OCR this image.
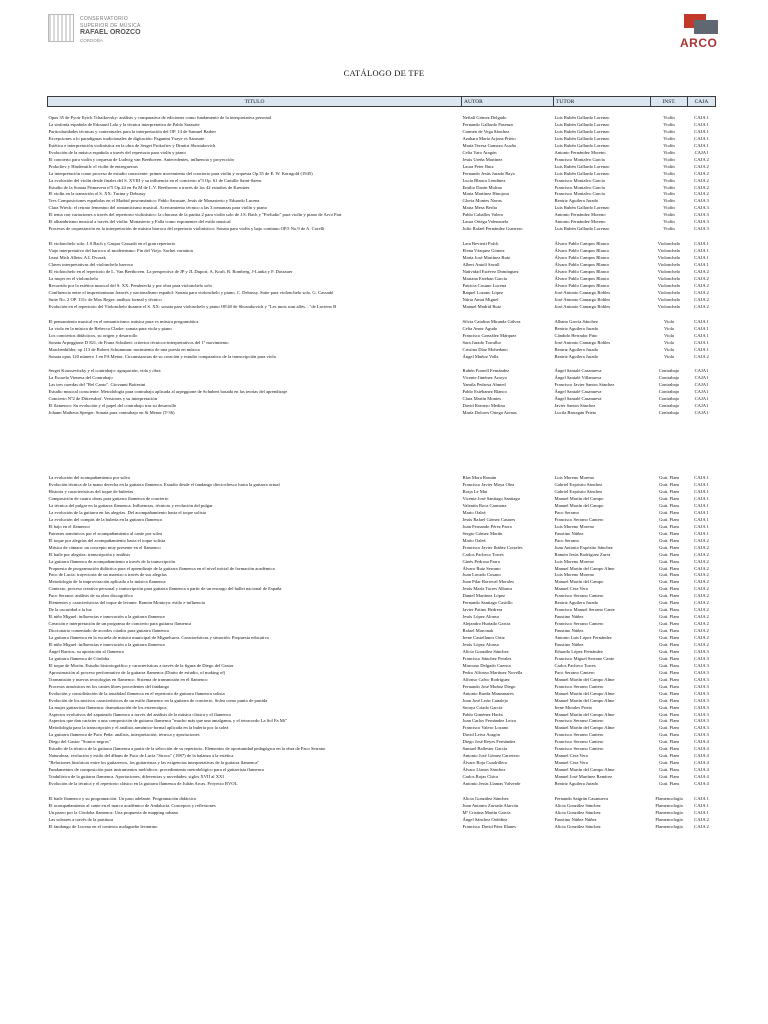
CONSERVATORIO
SUPERIOR DE MÚSICA
RAFAEL OROZCO
CÓRDOBA	ARCO
CATÁLOGO DE TFE
TITULO	AUTOR	TUTOR	INST.	CAJA

Opus 35 de Pyotr Ilyich Tchaikovsky: análisis y comparativa de ediciones como fundamento de la interpretativa personal	Neftalí Gómez Delgado	Luis Rubén Gallardo Lorenzo	Violín	CAJA 1
La sinfonía española de Edouard Lalo y la técnica interpretativa de Pablo Sarasate	Fernando Gallardo Pasenzo	Luis Rubén Gallardo Lorenzo	Violín	CAJA 1
Particularidades técnicas y contextuales para la interpretación del OP. 14 de Samuel Barber	Carmen de Vega Sánchez	Luis Rubén Gallardo Lorenzo	Violín	CAJA 1
Excepciones a lo paradigmas tradicionales de digitación: Paganini Ysaye vs Sarasate	Azahara María Arjona Prieto	Luis Rubén Gallardo Lorenzo	Violín	CAJA 1
Estética e interpretación violinística en la obra de Sergei Prokofiev y Dimitri Shostakovich	María Teresa Gamazo Acuña	Luis Rubén Gallardo Lorenzo	Violín	CAJA 1
Evolución de la música española a través del repertorio para violín y piano	Celia Varo Aragón	Antonio Fernández Moreno	Violín	CAJA1
El concierto para violín y orquesta de Ludwig van Beethoven. Antecedentes, influencia y proyección	Jesús Ureña Martínez	Francisco Montalvo García	Violín	CAJA 2
Prokofiev y Hindemith: el violín de entreguerras	Laura Peter Ruiz	Luis Rubén Gallardo Lorenzo	Violín	CAJA 2
La interpretación como proceso de estudio consciente: primer movimiento del concierto para violín y orquesta Op.35 de E. W. Korngold (1945)	Fernando Jesús Jurado Rayo	Luis Rubén Gallardo Lorenzo	Violín	CAJA 2
La evolución del violín desde finales del S. XVIII y su influencia en el concierto nº3 Op. 61 de Camille Saint-Saens	Lucía Blanco Lendínez	Francisco Montalvo García	Violín	CAJA 2
Estudio de la Sonata Primavera nº5 Op.24 en Fa M de L.V. Beethoven a través de los 42 estudios de Kreutzer	Emilio Darán Molina	Francisco Montalvo García	Violín	CAJA 2
El violín en la transición al S. XX: Turina y Debussy	Marta Martínez Hinojosa	Francisco Montalvo García	Violín	CAJA 2
Tres Composiciones españolas en el Madrid posromántico: Pablo Sarasate, Jesús de Monasterio y Eduardo Lucena	Gloria Montes Navas	Beatriz Aguilera Jurado	Violín	CAJA 3
Clara Wieck: el retrato femenino del romanticismo musical. Acercamiento técnico a las 3 romanzas para violín y piano	Marta Mesa Berlia	Luis Rubén Gallardo Lorenzo	Violín	CAJA 3
El tema con variaciones a través del repertorio violinístico: la chacona de la partita 2 para violín solo de J.S. Bach y "Preludio" para violín y piano de Arvo Part	Pablo Caballos Valero	Antonio Fernández Moreno	Violín	CAJA 3
El alhambrismo musical a través del violín: Monasterio y Falla como exponentes del estilo musical	Laura Ortega Valenzuela	Antonio Fernández Moreno	Violín	CAJA 3
Procesos de orquestación en la interpretación de música barroca del repertorio violinístico: Sonata para violín y bajo continuo OP.5 No.9 de A. Corelli	Julio Rafael Fernández Guerrero	Luis Rubén Gallardo Lorenzo	Violín	CAJA 3

El violonchelo solo: J.S Bach y Gaspar Cassadó en el gran repertorio	Lara Beviertí Polch	Álvaro Pablo Campos Blanco	Violonchelo	CAJA 1
Viaje interpretativo del barroco al modernismo: Fin del Viejo. Sachet variation	Elena Vázquez Gómez	Álvaro Pablo Campos Blanco	Violonchelo	CAJA 1
Least Mich Allein. A.L Dvorak	María José Martínez Ruiz	Álvaro Pablo Campos Blanco	Violonchelo	CAJA 1
Claves interpretativas del violonchelo barroco	Albert Antolí Savall	Álvaro Pablo Campos Blanco	Violonchelo	CAJA 1
El violonchelo en el repertorio de L. Van Beethoven. La perspectiva de JP y JL Duport, A. Kraft, B. Romberg, J-Lanka y F. Dotzauer	Natividad Estévez Domínguez	Álvaro Pablo Campos Blanco	Violonchelo	CAJA 2
La mujer en el violonchelo	Mariana Esteban García	Álvaro Pablo Campos Blanco	Violonchelo	CAJA 2
Recorrido por la estética musical del S. XX: Penderecki y por obra para violonchelo solo	Patricia Cosano Lucena	Álvaro Pablo Campos Blanco	Violonchelo	CAJA 2
Confluencia entre el impresionismo francés y nacionalismo español: Sonata para violonchelo y piano, C. Debussy. Suite para violonchelo solo, G. Cassadó	Raquel Lozano López	José Antonio Camargo Robles	Violonchelo	CAJA 2
Suite No. 2 OP. 131c de Max Reger: análisis formal y técnico	Núria Amat Miguel	José Antonio Camargo Robles	Violonchelo	CAJA 2
Evolución en el repertorio del Violonchelo durante el S. XX: sonata para violonchelo y piano OP.40 de Shostakovich y "Les mots sont allés…"de Lucieno B	Manuel Madrid Ruiz	José Antonio Camargo Robles	Violonchelo	CAJA 2

El pensamiento musical en el romanticismo: música pura vs música programática	Silvia Catalina Miranda Gálvez	Albano García Sánchez	Viola	CAJA 1
La viola en la música de Rebecca Clarke: sonata para viola y piano	Celia Amor Agudo	Beatriz Aguilera Jurado	Viola	CAJA 1
Los conciertos didácticos, su origen y desarrollo	Francisco González Márquez	Cándido Herrador Pino	Viola	CAJA 1
Sonata Arpeggione D 821, de Franz Schubert: criterios técnicos-interpretativos del 1º movimiento	Sara Jurado Torralbo	José Antonio Camargo Robles	Viola	CAJA 1
Marchenbilder, op 113 de Robert Schumman: nacimiento de una poesía en música	Cristina Díaz Mohedano	Beatriz Aguilera Jurado	Viola	CAJA 1
Sonata opus 120 número 1 en FA Menor. Circunstancias de su creación y estudio comparativo de la transcripción para viola	Ángel Muñoz Valla	Beatriz Aguilera Jurado	Viola	CAJA 2

Sergei Koussevitzky y el contrabajo: agrupación, vida y obra	Rubén Fornell Fernández	Ángel Santalé Casanueva	Contrabajo	CAJA1
La Escuela Vienesa del Contrabajo	Vicente Jiménez Arroyo	Ángel Santalé Villanueva	Contrabajo	CAJA1
Las tres cuerdas del "Bel Canto". Giovanni Bottesini	Yamila Pedrosa Ahmed	Francisco Javier Santos Sánchez	Contrabajo	CAJA1
Estudio musical consciente. Metodología para contrabajo aplicada al arpeggione de Schubert basada en las teorías del aprendizaje	Pablo Estébanez Blanco	Ángel Santalé Casanueva	Contrabajo	CAJA1
Concierto Nº2 de Dittersdorf. Versiones y su interpretación	Clara Martín Montes	Ángel Santalé Casanueva	Contrabajo	CAJA1
El flamenco: Su evolución y el papel del contrabajo tras su desarrollo	David Romero Medina	Javier Santos Sánchez	Contrabajo	CAJA1
Johann Matheus Sperger. Sonata para contrabajo en Si Menor (T-36)	María Dolores Ortega Arenas	Lucila Barragán Prieto	Contrabajo	CAJA1

La evolución del acompañamiento por solea	Blas Mora Román	Luis Moreno Moreno	Guit. Flam	CAJA 1
Evolución técnica de la mano derecha en la guitarra flamenca. Estudio desde el fandango dieciochesco hasta la guitarra actual	Francisco Javier Moya Olea	Gabriel Expósito Sánchez	Guit. Flam	CAJA 1
Historia y características del toque de bulerías	Borja Le Mat	Gabriel Expósito Sánchez	Guit. Flam	CAJA 1
Composición de cuatro obras para guitarra flamenca de concierto	Vicente José Santiago Santiago	Manuel Martín del Campo	Guit. Flam	CAJA 1
La técnica del pulgar en la guitarra flamenca. Influencias, técnicas y evolución del pulgar	Valentín Roca Carmona	Manuel Martín del Campo	Guit. Flam	CAJA 1
La evolución de la guitarra en las alegrías. Del acompañamiento hasta el toque solista	Mario Oaleá	Paco Serrano	Guit. Flam	CAJA 1
La evolución del compás de la bulería en la guitarra flamenca	Jesús Rafael Gómez Casares	Francisco Serrano Cantero	Guit. Flam	CAJA 1
El bajo en el flamenco	Juan Fernando Pérez Parra	Luis Moreno Moreno	Guit. Flam	CAJA 1
Patrones armónicos por el acompañamiento al cante por solea	Sergio Gómez Martín	Faustino Núñez	Guit. Flam	CAJA 1
El toque por alegrías del acompañamiento hasta el toque solista	Mario Oaleá	Paco Serrano	Guit. Flam	CAJA 2
Música de cámara: un concepto muy presente en el flamenco	Francisco Javier Ibáñez Corrales	Juan Antonio Expósito Sánchez	Guit. Flam	CAJA 2
El baile por alegrías: transcripción y análisis	Carlos Pacheco Torres	Ramón Jesús Rodríguez Zurra	Guit. Flam	CAJA 2
La guitarra flamenca de acompañamiento a través de la transcripción	Ginés Pedrosa Parra	Luis Moreno Moreno	Guit. Flam	CAJA 2
Propuesta de programación didáctica para el aprendizaje de la guitarra flamenca en el nivel inicial de formación académica	Álvaro Ruiz Serrano	Manuel Martín del Campo Alme	Guit. Flam	CAJA 2
Paco de Lucía: trayectoria de un maestro a través de sus alegrías	Juan Lavado Cosano	Luis Moreno Moreno	Guit. Flam	CAJA 2
Metodología de la improvisación aplicada a la música flamenca	Juan Pilar Borrecal Morales	Manuel Martín del Campo	Guit. Flam	CAJA 2
Contexto, proceso creativo personal y transcripción para guitarra flamenca a partir de un encargo del ballet nacional de España	Jesús María Torres Albarra	Manuel Cera Vera	Guit. Flam	CAJA 2
Paco Serrano: análisis de su obra discográfica	Daniel Martínez López	Francisco Serrano Cantero	Guit. Flam	CAJA 2
Elementos y características del toque de levante. Ramón Montoya: estilo e influencia	Fernando Santiago Castillo	Beatriz Aguilera Jurado	Guit. Flam	CAJA 2
De la oscuridad a la luz	Javier Patino Hedrera	Francisco Manuel Serrano Cante	Guit. Flam	CAJA 2
El niño Miguel: influencias e innovación a la guitarra flamenca	Jesús López Alonso	Faustino Núñez	Guit. Flam	CAJA 2
Creación e interpretación de un programa de concierto para guitarra flamenca	Alejandro Hurtado García	Francisco Serrano Cantero	Guit. Flam	CAJA 2
Diccionario comentado de acordes citados para guitarra flamenca	Rafael Marcinak	Faustino Núñez	Guit. Flam	CAJA 2
La guitarra flamenca en la escuela de música municipal de Miguelturra. Características y situación. Propuesta educativa	Irene Castellanos Ortiz	Antonio Luis López Fernández	Guit. Flam	CAJA 2
El niño Miguel: influencias e innovación a la guitarra flamenca	Jesús López Alonso	Faustino Núñez	Guit. Flam	CAJA 2
Ángel Barrios, su aportación al flamenco	Alicia González Sánchez	Eduardo López Fernández	Guit. Flam	CAJA 3
La guitarra flamenca de Córdoba	Francisco Sánchez Perales	Francisco Miguel Serrano Cante	Guit. Flam	CAJA 3
El toque de Morón. Estudio historiográfico y características a través de la figura de Diego del Gastor	Marcuno Delgado Cuenca	Carlos Pacheco Torres	Guit. Flam	CAJA 3
Aproximación al proceso performativo de la guitarra flamenca (Diario de estudio, of making of)	Pedro Alfonso Martínez Novella	Paco Serrano Cantero	Guit. Flam	CAJA 3
Transmisión y nuevas tecnologías en flamenco. Sistema de transmisión en el flamenco	Alfonso Calvo Rodríguez	Manuel Martín del Campo Alme	Guit. Flam	CAJA 3
Procesos armónicos en los cantes libres procedentes del fandango	Fernando José Muñoz Diego	Francisco Serrano Cantero	Guit. Flam	CAJA 3
Evolución y consolidación de la tonalidad flamenca en el repertorio de guitarra flamenca solista	Antonio Rueda Manzanares	Manuel Martín del Campo Alme	Guit. Flam	CAJA 3
Evolución de los motivos característicos de un estilo flamenco en la guitarra de concierto. Solea como punto de partida	Juan José León Canalejo	Manuel Martín del Campo Alme	Guit. Flam	CAJA 3
La mujer guitarrista flamenca: dramatización de los estereotipos	Soraya Criado García	Irene Morales Prieto	Guit. Flam	CAJA 3
Aspectos evolutivos del zapateado flamenco a través del análisis de la música clásica y el flamenco	Pablo Giménez Hacht	Manuel Martín del Campo Alme	Guit. Flam	CAJA 3
Aspectos que dan carácter a una composición de guitarra flamenca "mucho más que una amalgama, y el tetracordo La Sol Fa Mi"	Juan Carlos Fernández Leiva	Francisco Serrano Cantero	Guit. Flam	CAJA 3
Metodología para la transcripción y el análisis armónico-formal aplicada en la bulería por la soleá	Francisco Valero Lozano	Manuel Martín del Campo Alme	Guit. Flam	CAJA 3
La guitarra flamenca de Paco Peña: análisis, interpretación, técnica y aportaciones	David Leiva Aragón	Francisco Serrano Cantero	Guit. Flam	CAJA 3
Diego del Gastor "Sonios negros"	Diego José Reyes Fernández	Francisco Serrano Cantero	Guit. Flam	CAJA 4
Estudio de la técnica de la guitarra flamenca a partir de la selección de su repertorio. Elementos de oportunidad pedagógica en la obra de Paco Serrano	Samuel Ballester García	Francisco Serrano Cantero	Guit. Flam	CAJA 4
Naturaleza, evolución y estilo del álbum de Paco de Lucía "Siroco" (1987) de la balanza a la estética	Antonio José Gómez Carretero	Manuel Cera Vera	Guit. Flam	CAJA 4
"Relaciones históricas entre los guitarreros, los guitarristas y las exigencias interpretativas de la guitarra flamenca"	Álvaro Roja Cuadrillero	Manuel Cera Vera	Guit. Flam	CAJA 4
Fundamentos de composición para instrumentos melódicos: procedimiento metodológico para el guitarrista flamenco	Álvaro Llanos Sánchez	Manuel Martín del Campo Alme	Guit. Flam	CAJA 4
Tradulórica de la guitarra flamenca. Aportaciones, diferencias y novedades: siglos XVII al XXI	Carlos Rojas Chica	Manuel José Martínez Ramírez	Guit. Flam	CAJA 4
Evolución de la técnica y el repertorio clásico en la guitarra flamenca de Julián Arcas. Proyecto BVOL	Antonio Jesús Llamas Valverde	Beatriz Aguilera Jurado	Guit. Flam	CAJA 4

El baile flamenco y su programación. Un paso adelante. Programación didáctica	Alicia González Sánchez	Fernando Saigrán Casanueva	Flamencología	CAJA 1
El acompañamiento al cante en el marco académico de Andalucía. Conceptos y reflexiones	Juan Antonio Zurrada Alarcón	Alicia González Sánchez	Flamencología	CAJA 1
Un paseo por la Córdoba flamenca: Una propuesta de mapping urbano	Mª Cristina Martín García	Alicia González Sánchez	Flamencología	CAJA 1
Las soleares a través de la partitura	Ángel Sánchez Ordóñez	Faustino Núñez Núñez	Flamencología	CAJA 2
El fandango de Lucena en el contexto malagueño levantino	Francisco David Páez Illanes	Alicia González Sánchez	Flamencología	CAJA 2
